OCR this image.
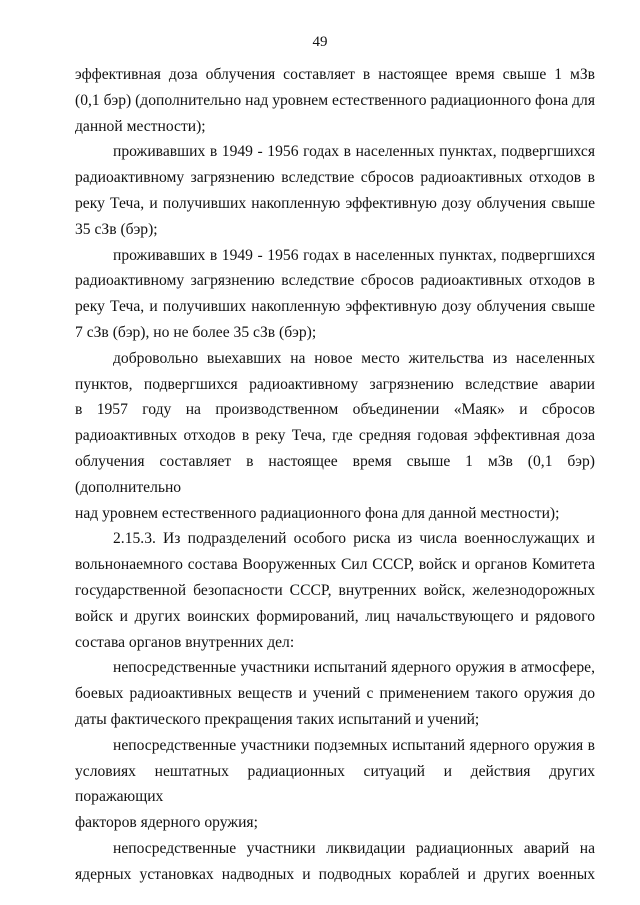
49
эффективная доза облучения составляет в настоящее время свыше 1 мЗв
(0,1 бэр) (дополнительно над уровнем естественного радиационного фона для
данной местности);
проживавших в 1949 - 1956 годах в населенных пунктах, подвергшихся
радиоактивному загрязнению вследствие сбросов радиоактивных отходов в
реку Теча, и получивших накопленную эффективную дозу облучения свыше
35 сЗв (бэр);
проживавших в 1949 - 1956 годах в населенных пунктах, подвергшихся
радиоактивному загрязнению вследствие сбросов радиоактивных отходов в
реку Теча, и получивших накопленную эффективную дозу облучения свыше
7 сЗв (бэр), но не более 35 сЗв (бэр);
добровольно выехавших на новое место жительства из населенных
пунктов, подвергшихся радиоактивному загрязнению вследствие аварии
в 1957 году на производственном объединении «Маяк» и сбросов
радиоактивных отходов в реку Теча, где средняя годовая эффективная доза
облучения составляет в настоящее время свыше 1 мЗв (0,1 бэр) (дополнительно
над уровнем естественного радиационного фона для данной местности);
2.15.3. Из подразделений особого риска из числа военнослужащих и
вольнонаемного состава Вооруженных Сил СССР, войск и органов Комитета
государственной безопасности СССР, внутренних войск, железнодорожных
войск и других воинских формирований, лиц начальствующего и рядового
состава органов внутренних дел:
непосредственные участники испытаний ядерного оружия в атмосфере,
боевых радиоактивных веществ и учений с применением такого оружия до
даты фактического прекращения таких испытаний и учений;
непосредственные участники подземных испытаний ядерного оружия в
условиях нештатных радиационных ситуаций и действия других поражающих
факторов ядерного оружия;
непосредственные участники ликвидации радиационных аварий на
ядерных установках надводных и подводных кораблей и других военных
